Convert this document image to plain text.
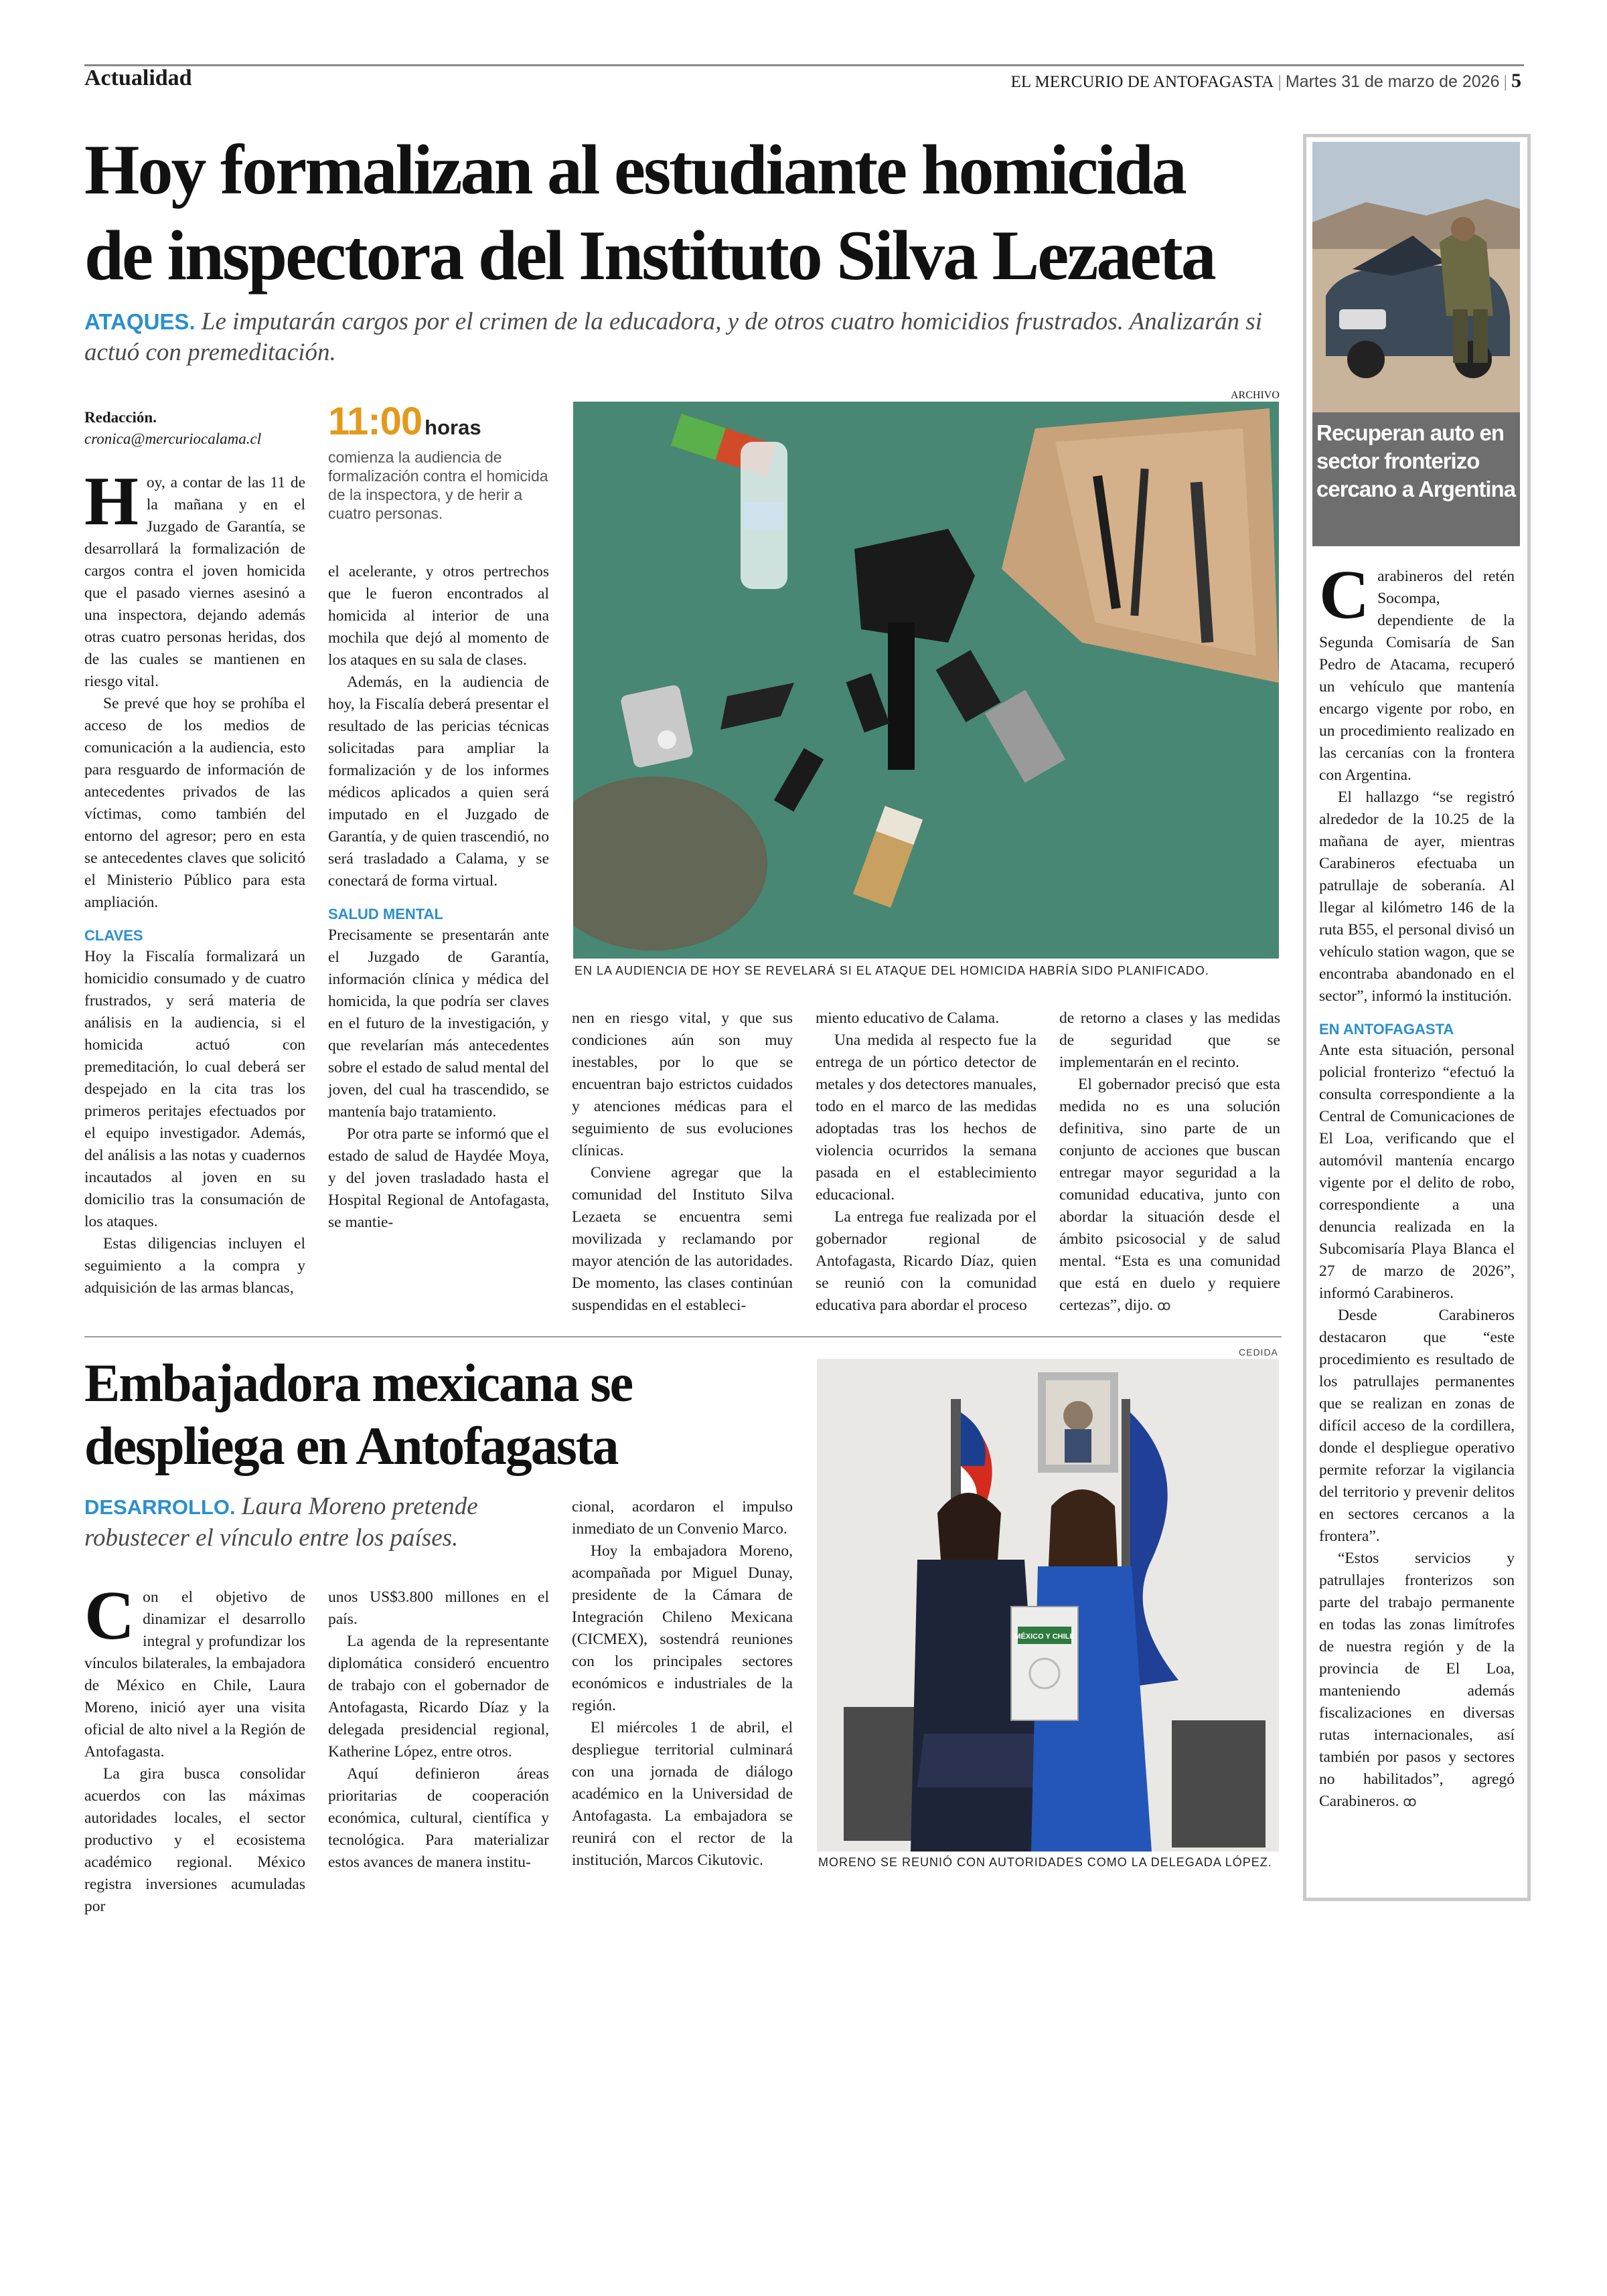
Actualidad	EL MERCURIO DE ANTOFAGASTA | Martes 31 de marzo de 2026 | 5
Hoy formalizan al estudiante homicida
de inspectora del Instituto Silva Lezaeta
ATAQUES. Le imputarán cargos por el crimen de la educadora, y de otros cuatro homicidios frustrados. Analizarán si actuó con premeditación.
Redacción.
cronica@mercuriocalama.cl 11:00 horas
comienza la audiencia de formalización contra el homicida de la inspectora, y de herir a cuatro personas.
ARCHIVO
EN LA AUDIENCIA DE HOY SE REVELARÁ SI EL ATAQUE DEL HOMICIDA HABRÍA SIDO PLANIFICADO.

Hoy, a contar de las 11 de la mañana y en el Juzgado de Garantía, se desarrollará la formalización de cargos contra el joven homicida que el pasado viernes asesinó a una inspectora, dejando además otras cuatro personas heridas, dos de las cuales se mantienen en riesgo vital.

Se prevé que hoy se prohíba el acceso de los medios de comunicación a la audiencia, esto para resguardo de información de antecedentes privados de las víctimas, como también del entorno del agresor; pero en esta se antecedentes claves que solicitó el Ministerio Público para esta ampliación.

CLAVES

Hoy la Fiscalía formalizará un homicidio consumado y de cuatro frustrados, y será materia de análisis en la audiencia, si el homicida actuó con premeditación, lo cual deberá ser despejado en la cita tras los primeros peritajes efectuados por el equipo investigador. Además, del análisis a las notas y cuadernos incautados al joven en su domicilio tras la consumación de los ataques.

Estas diligencias incluyen el seguimiento a la compra y adquisición de las armas blancas,

el acelerante, y otros pertrechos que le fueron encontrados al homicida al interior de una mochila que dejó al momento de los ataques en su sala de clases.

Además, en la audiencia de hoy, la Fiscalía deberá presentar el resultado de las pericias técnicas solicitadas para ampliar la formalización y de los informes médicos aplicados a quien será imputado en el Juzgado de Garantía, y de quien trascendió, no será trasladado a Calama, y se conectará de forma virtual.

SALUD MENTAL

Precisamente se presentarán ante el Juzgado de Garantía, información clínica y médica del homicida, la que podría ser claves en el futuro de la investigación, y que revelarían más antecedentes sobre el estado de salud mental del joven, del cual ha trascendido, se mantenía bajo tratamiento.

Por otra parte se informó que el estado de salud de Haydée Moya, y del joven trasladado hasta el Hospital Regional de Antofagasta, se mantie-

nen en riesgo vital, y que sus condiciones aún son muy inestables, por lo que se encuentran bajo estrictos cuidados y atenciones médicas para el seguimiento de sus evoluciones clínicas.

Conviene agregar que la comunidad del Instituto Silva Lezaeta se encuentra semi movilizada y reclamando por mayor atención de las autoridades. De momento, las clases continúan suspendidas en el estableci-

miento educativo de Calama.

Una medida al respecto fue la entrega de un pórtico detector de metales y dos detectores manuales, todo en el marco de las medidas adoptadas tras los hechos de violencia ocurridos la semana pasada en el establecimiento educacional.

La entrega fue realizada por el gobernador regional de Antofagasta, Ricardo Díaz, quien se reunió con la comunidad educativa para abordar el proceso

de retorno a clases y las medidas de seguridad que se implementarán en el recinto.

El gobernador precisó que esta medida no es una solución definitiva, sino parte de un conjunto de acciones que buscan entregar mayor seguridad a la comunidad educativa, junto con abordar la situación desde el ámbito psicosocial y de salud mental. “Esta es una comunidad que está en duelo y requiere certezas”, dijo. ꝏ

Embajadora mexicana se
despliega en Antofagasta
DESARROLLO. Laura Moreno pretende robustecer el vínculo entre los países.
CEDIDA
MÉXICO Y CHILE
MORENO SE REUNIÓ CON AUTORIDADES COMO LA DELEGADA LÓPEZ.

Con el objetivo de dinamizar el desarrollo integral y profundizar los vínculos bilaterales, la embajadora de México en Chile, Laura Moreno, inició ayer una visita oficial de alto nivel a la Región de Antofagasta.

La gira busca consolidar acuerdos con las máximas autoridades locales, el sector productivo y el ecosistema académico regional. México registra inversiones acumuladas por

unos US$3.800 millones en el país.

La agenda de la representante diplomática consideró encuentro de trabajo con el gobernador de Antofagasta, Ricardo Díaz y la delegada presidencial regional, Katherine López, entre otros.

Aquí definieron áreas prioritarias de cooperación económica, cultural, científica y tecnológica. Para materializar estos avances de manera institu-

cional, acordaron el impulso inmediato de un Convenio Marco.

Hoy la embajadora Moreno, acompañada por Miguel Dunay, presidente de la Cámara de Integración Chileno Mexicana (CICMEX), sostendrá reuniones con los principales sectores económicos e industriales de la región.

El miércoles 1 de abril, el despliegue territorial culminará con una jornada de diálogo académico en la Universidad de Antofagasta. La embajadora se reunirá con el rector de la institución, Marcos Cikutovic.

Recuperan auto en sector fronterizo cercano a Argentina

Carabineros del retén Socompa, dependiente de la Segunda Comisaría de San Pedro de Atacama, recuperó un vehículo que mantenía encargo vigente por robo, en un procedimiento realizado en las cercanías con la frontera con Argentina.

El hallazgo “se registró alrededor de la 10.25 de la mañana de ayer, mientras Carabineros efectuaba un patrullaje de soberanía. Al llegar al kilómetro 146 de la ruta B55, el personal divisó un vehículo station wagon, que se encontraba abandonado en el sector”, informó la institución.

EN ANTOFAGASTA

Ante esta situación, personal policial fronterizo “efectuó la consulta correspondiente a la Central de Comunicaciones de El Loa, verificando que el automóvil mantenía encargo vigente por el delito de robo, correspondiente a una denuncia realizada en la Subcomisaría Playa Blanca el 27 de marzo de 2026”, informó Carabineros.

Desde Carabineros destacaron que “este procedimiento es resultado de los patrullajes permanentes que se realizan en zonas de difícil acceso de la cordillera, donde el despliegue operativo permite reforzar la vigilancia del territorio y prevenir delitos en sectores cercanos a la frontera”.

“Estos servicios y patrullajes fronterizos son parte del trabajo permanente en todas las zonas limítrofes de nuestra región y de la provincia de El Loa, manteniendo además fiscalizaciones en diversas rutas internacionales, así también por pasos y sectores no habilitados”, agregó Carabineros. ꝏ
